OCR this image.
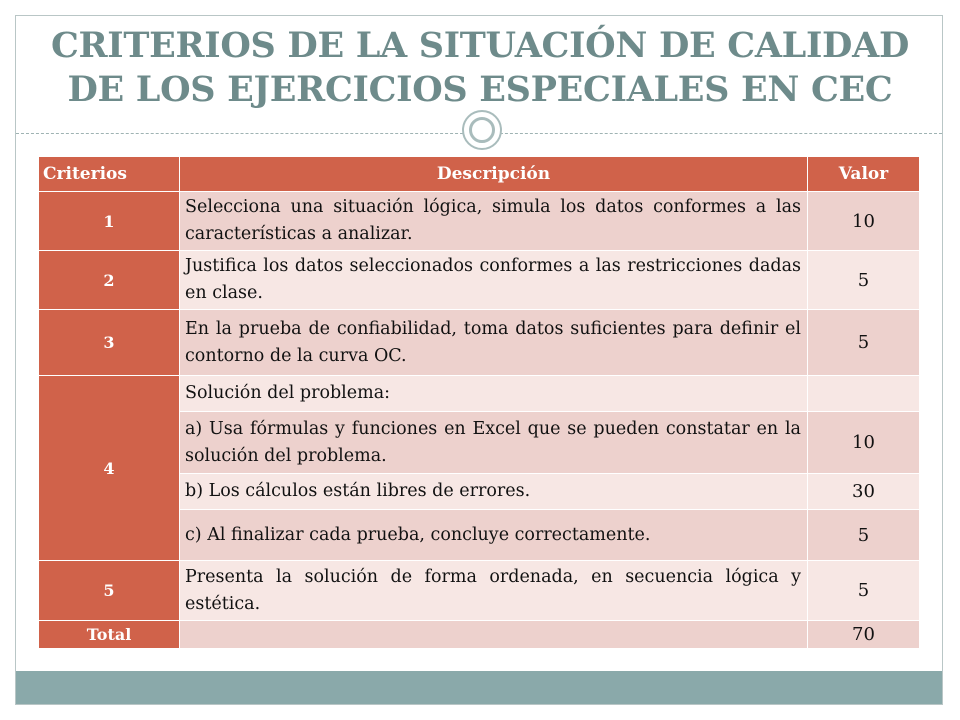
CRITERIOS DE LA SITUACIÓN DE CALIDAD
DE LOS EJERCICIOS ESPECIALES EN CEC
Criterios	Descripción	Valor
1	Selecciona una situación lógica, simula los datos conformes a las características a analizar.	10
2	Justifica los datos seleccionados conformes a las restricciones dadas en clase.	5
3	En la prueba de confiabilidad, toma datos suficientes para definir el contorno de la curva OC.	5
4	Solución del problema:	
	a) Usa fórmulas y funciones en Excel que se pueden constatar en la solución del problema.	10
	b) Los cálculos están libres de errores.	30
	c) Al finalizar cada prueba, concluye correctamente.	5
5	Presenta la solución de forma ordenada, en secuencia lógica y estética.	5
Total		70
